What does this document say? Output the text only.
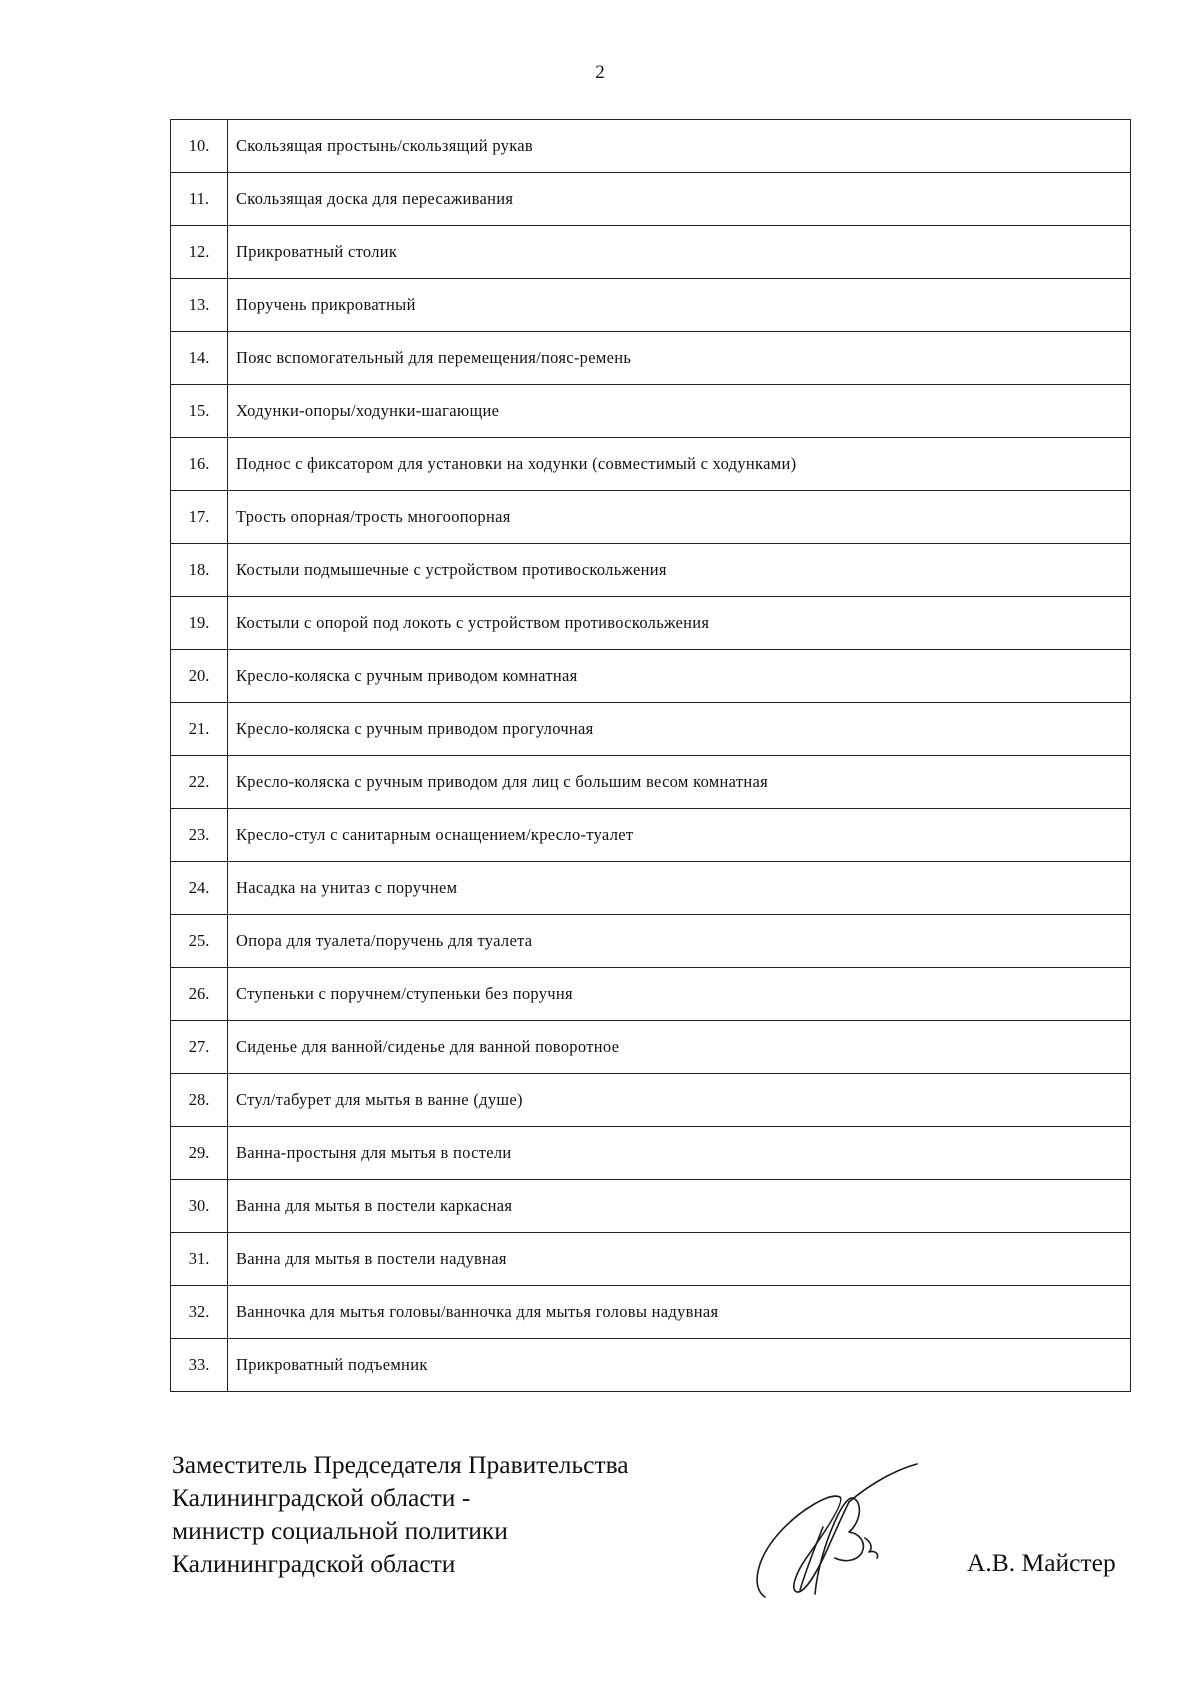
2
10.	Скользящая простынь/скользящий рукав
11.	Скользящая доска для пересаживания
12.	Прикроватный столик
13.	Поручень прикроватный
14.	Пояс вспомогательный для перемещения/пояс-ремень
15.	Ходунки-опоры/ходунки-шагающие
16.	Поднос с фиксатором для установки на ходунки (совместимый с ходунками)
17.	Трость опорная/трость многоопорная
18.	Костыли подмышечные с устройством противоскольжения
19.	Костыли с опорой под локоть с устройством противоскольжения
20.	Кресло-коляска с ручным приводом комнатная
21.	Кресло-коляска с ручным приводом прогулочная
22.	Кресло-коляска с ручным приводом для лиц с большим весом комнатная
23.	Кресло-стул с санитарным оснащением/кресло-туалет
24.	Насадка на унитаз с поручнем
25.	Опора для туалета/поручень для туалета
26.	Ступеньки с поручнем/ступеньки без поручня
27.	Сиденье для ванной/сиденье для ванной поворотное
28.	Стул/табурет для мытья в ванне (душе)
29.	Ванна-простыня для мытья в постели
30.	Ванна для мытья в постели каркасная
31.	Ванна для мытья в постели надувная
32.	Ванночка для мытья головы/ванночка для мытья головы надувная
33.	Прикроватный подъемник
Заместитель Председателя Правительства
Калининградской области -
министр социальной политики
Калининградской области	А.В. Майстер
